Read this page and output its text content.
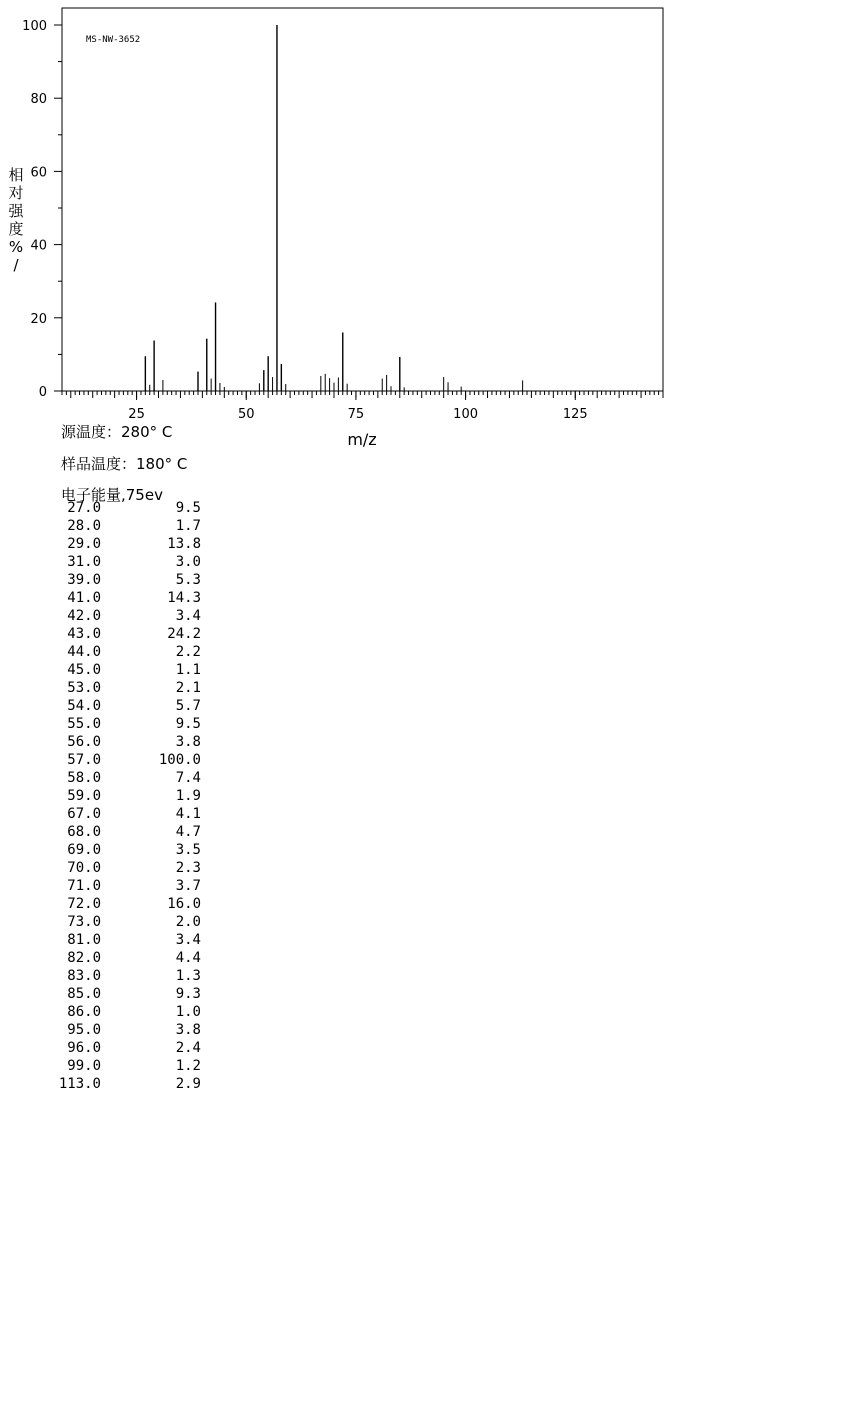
0
20
40
60
80
100
25	50	75	100	125
MS-NW-3652
相对强度% /
m/z
源温度：280° C
样品温度：180° C
电子能量,75ev
27.0	9.5
28.0	1.7
29.0	13.8
31.0	3.0
39.0	5.3
41.0	14.3
42.0	3.4
43.0	24.2
44.0	2.2
45.0	1.1
53.0	2.1
54.0	5.7
55.0	9.5
56.0	3.8
57.0	100.0
58.0	7.4
59.0	1.9
67.0	4.1
68.0	4.7
69.0	3.5
70.0	2.3
71.0	3.7
72.0	16.0
73.0	2.0
81.0	3.4
82.0	4.4
83.0	1.3
85.0	9.3
86.0	1.0
95.0	3.8
96.0	2.4
99.0	1.2
113.0	2.9
